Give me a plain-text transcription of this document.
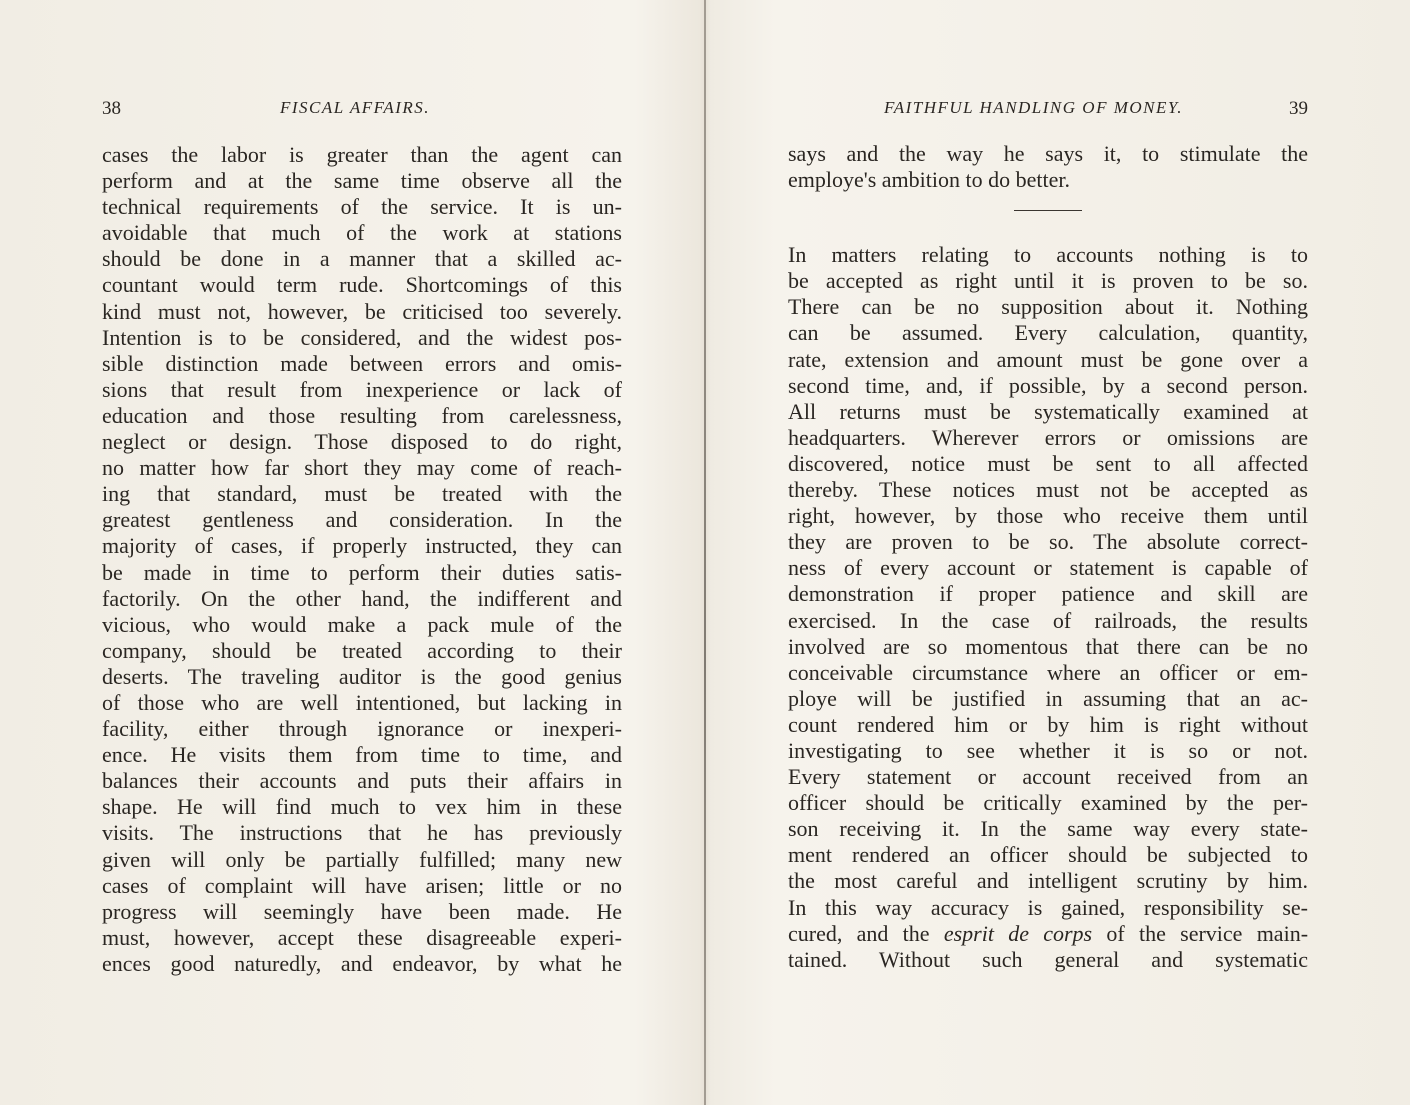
38	FISCAL AFFAIRS.
cases the labor is greater than the agent can
perform and at the same time observe all the
technical requirements of the service. It is un-
avoidable that much of the work at stations
should be done in a manner that a skilled ac-
countant would term rude. Shortcomings of this
kind must not, however, be criticised too severely.
Intention is to be considered, and the widest pos-
sible distinction made between errors and omis-
sions that result from inexperience or lack of
education and those resulting from carelessness,
neglect or design. Those disposed to do right,
no matter how far short they may come of reach-
ing that standard, must be treated with the
greatest gentleness and consideration. In the
majority of cases, if properly instructed, they can
be made in time to perform their duties satis-
factorily. On the other hand, the indifferent and
vicious, who would make a pack mule of the
company, should be treated according to their
deserts. The traveling auditor is the good genius
of those who are well intentioned, but lacking in
facility, either through ignorance or inexperi-
ence. He visits them from time to time, and
balances their accounts and puts their affairs in
shape. He will find much to vex him in these
visits. The instructions that he has previously
given will only be partially fulfilled; many new
cases of complaint will have arisen; little or no
progress will seemingly have been made. He
must, however, accept these disagreeable experi-
ences good naturedly, and endeavor, by what he
FAITHFUL HANDLING OF MONEY.	39
says and the way he says it, to stimulate the
employe's ambition to do better.
In matters relating to accounts nothing is to
be accepted as right until it is proven to be so.
There can be no supposition about it. Nothing
can be assumed. Every calculation, quantity,
rate, extension and amount must be gone over a
second time, and, if possible, by a second person.
All returns must be systematically examined at
headquarters. Wherever errors or omissions are
discovered, notice must be sent to all affected
thereby. These notices must not be accepted as
right, however, by those who receive them until
they are proven to be so. The absolute correct-
ness of every account or statement is capable of
demonstration if proper patience and skill are
exercised. In the case of railroads, the results
involved are so momentous that there can be no
conceivable circumstance where an officer or em-
ploye will be justified in assuming that an ac-
count rendered him or by him is right without
investigating to see whether it is so or not.
Every statement or account received from an
officer should be critically examined by the per-
son receiving it. In the same way every state-
ment rendered an officer should be subjected to
the most careful and intelligent scrutiny by him.
In this way accuracy is gained, responsibility se-
cured, and the esprit de corps of the service main-
tained. Without such general and systematic
